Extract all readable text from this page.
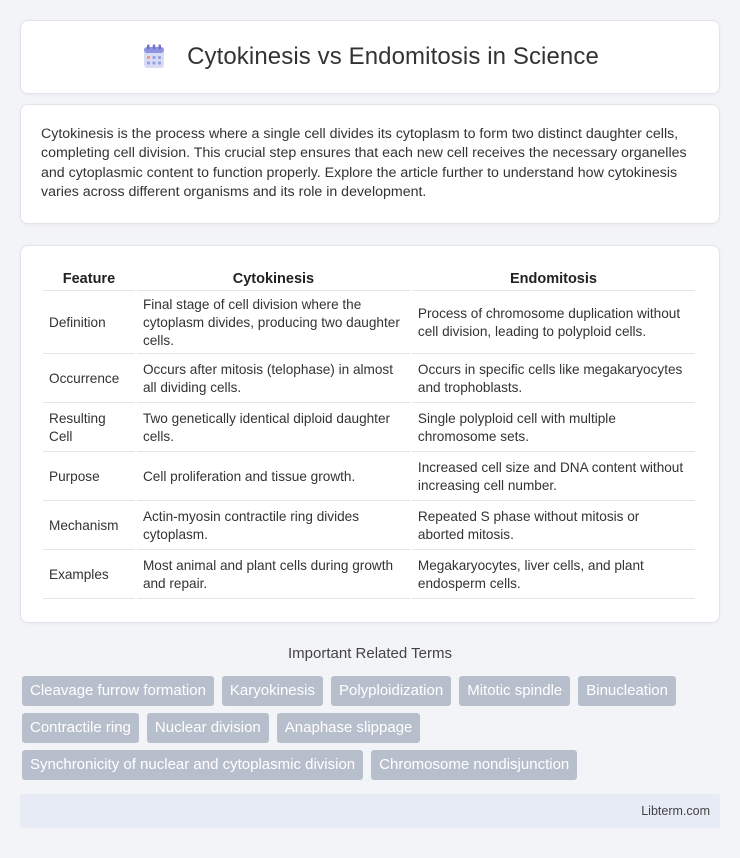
Cytokinesis vs Endomitosis in Science

Cytokinesis is the process where a single cell divides its cytoplasm to form two distinct daughter cells, completing cell division. This crucial step ensures that each new cell receives the necessary organelles and cytoplasmic content to function properly. Explore the article further to understand how cytokinesis varies across different organisms and its role in development.

Feature	Cytokinesis	Endomitosis
Definition	Final stage of cell division where the cytoplasm divides, producing two daughter cells.	Process of chromosome duplication without cell division, leading to polyploid cells.
Occurrence	Occurs after mitosis (telophase) in almost all dividing cells.	Occurs in specific cells like megakaryocytes and trophoblasts.
Resulting Cell	Two genetically identical diploid daughter cells.	Single polyploid cell with multiple chromosome sets.
Purpose	Cell proliferation and tissue growth.	Increased cell size and DNA content without increasing cell number.
Mechanism	Actin-myosin contractile ring divides cytoplasm.	Repeated S phase without mitosis or aborted mitosis.
Examples	Most animal and plant cells during growth and repair.	Megakaryocytes, liver cells, and plant endosperm cells.
Important Related Terms
Cleavage furrow formation	Karyokinesis	Polyploidization	Mitotic spindle	Binucleation
Contractile ring	Nuclear division	Anaphase slippage
Synchronicity of nuclear and cytoplasmic division	Chromosome nondisjunction
Libterm.com
